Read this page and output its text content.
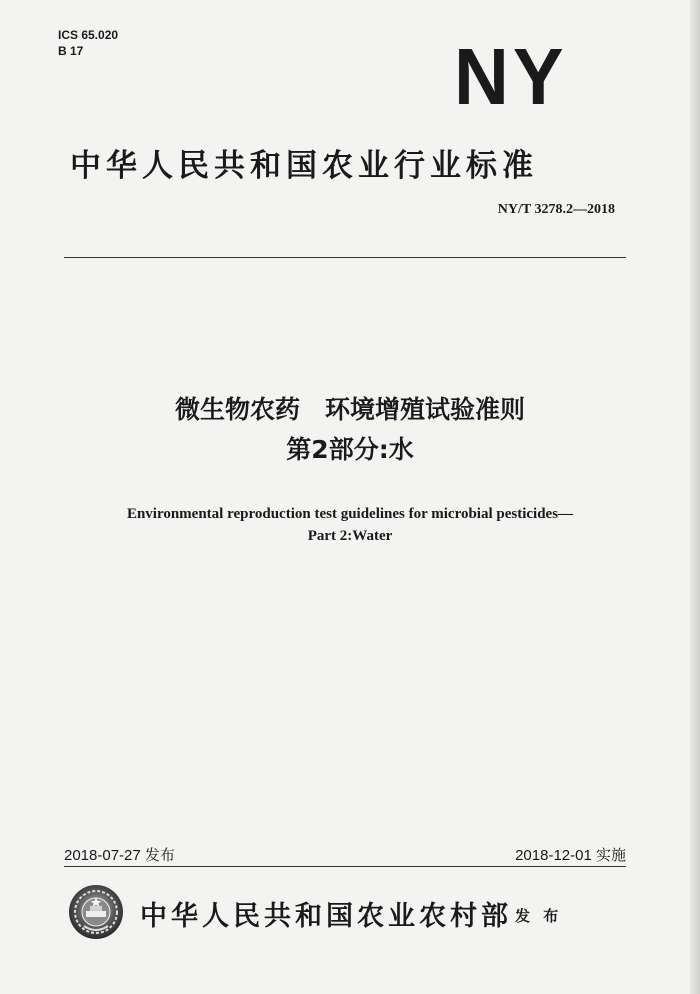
ICS 65.020
B 17	NY
中华人民共和国农业行业标准
NY/T 3278.2—2018
微生物农药　环境增殖试验准则
第2部分:水
Environmental reproduction test guidelines for microbial pesticides—
Part 2:Water
2018-07-27 发布	2018-12-01 实施
中华人民共和国农业农村部 发 布
